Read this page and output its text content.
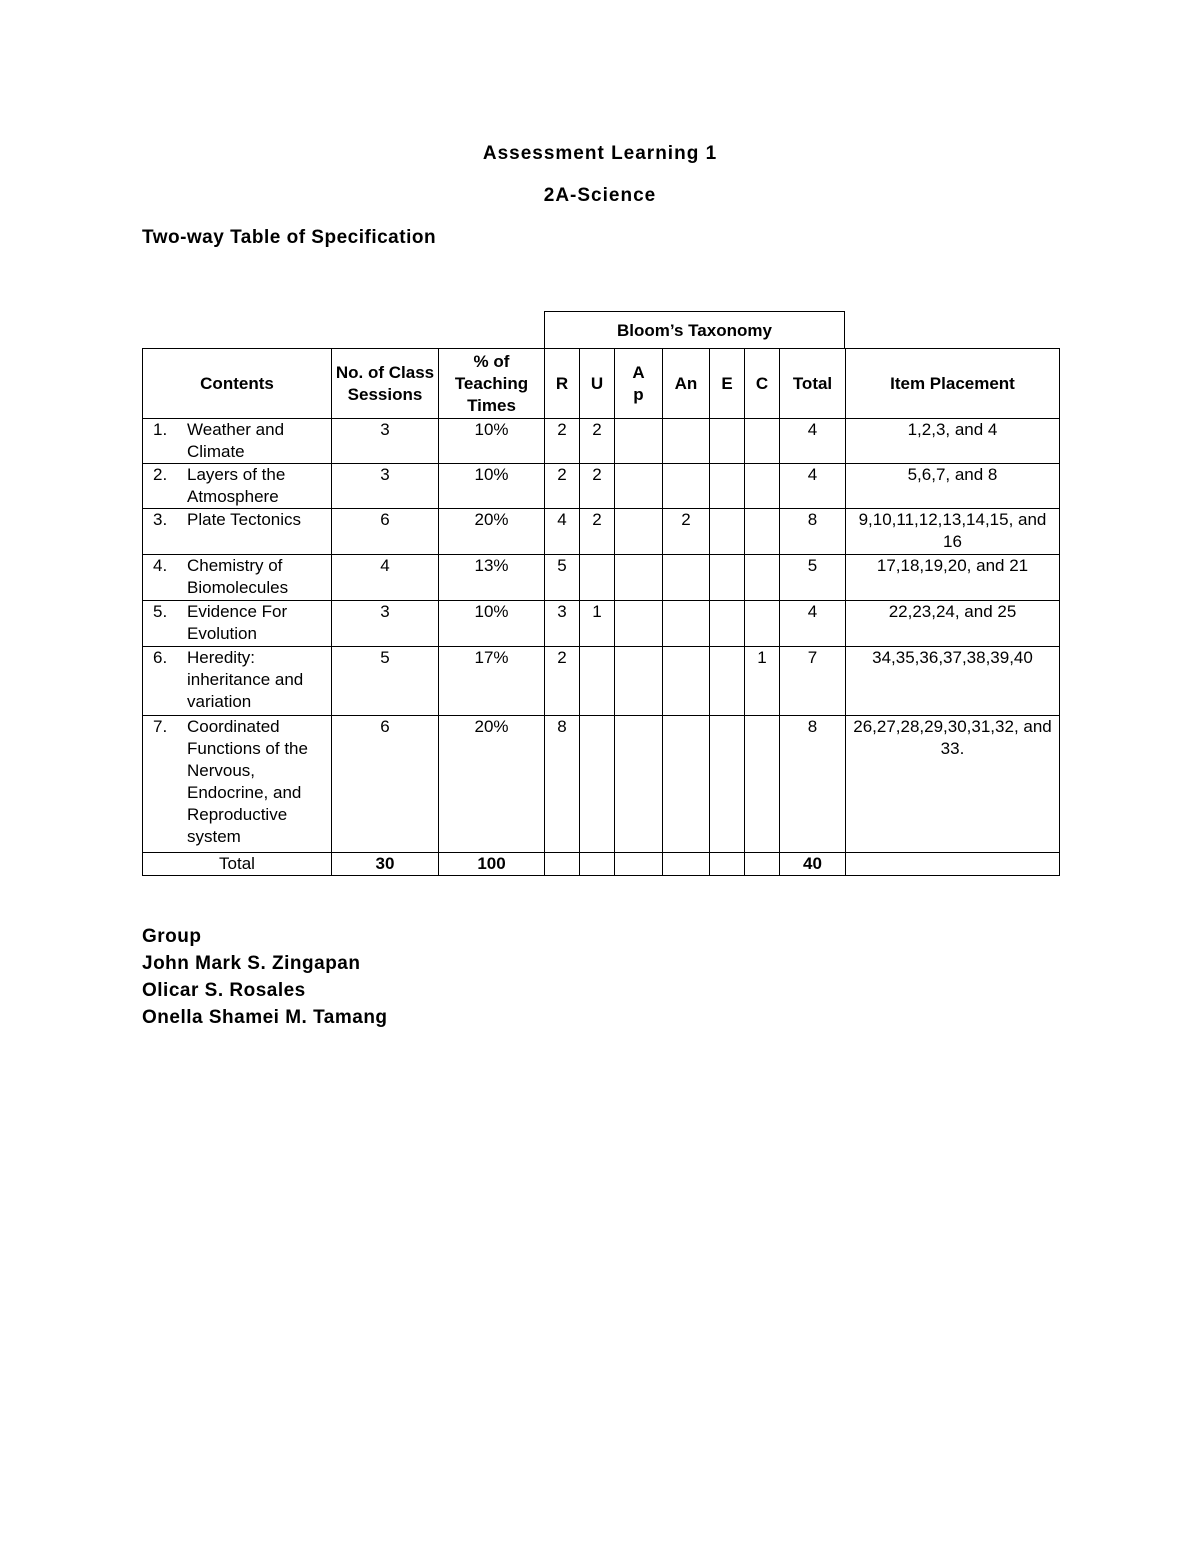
Assessment Learning 1
2A-Science
Two-way Table of Specification
Bloom’s Taxonomy
Contents	No. of Class Sessions	% of Teaching Times	R	U	A p	An	E	C	Total	Item Placement

1. Weather and Climate	3	10%	2	2					4	1,2,3, and 4

2. Layers of the Atmosphere	3	10%	2	2					4	5,6,7, and 8

3. Plate Tectonics	6	20%	4	2		2			8	9,10,11,12,13,14,15, and 16

4. Chemistry of Biomolecules	4	13%	5						5	17,18,19,20, and 21

5. Evidence For Evolution	3	10%	3	1					4	22,23,24, and 25

6. Heredity: inheritance and variation	5	17%	2					1	7	34,35,36,37,38,39,40

7. Coordinated Functions of the Nervous, Endocrine, and Reproductive system	6	20%	8						8	26,27,28,29,30,31,32, and 33.
Total	30	100							40	
Group
John Mark S. Zingapan
Olicar S. Rosales
Onella Shamei M. Tamang
